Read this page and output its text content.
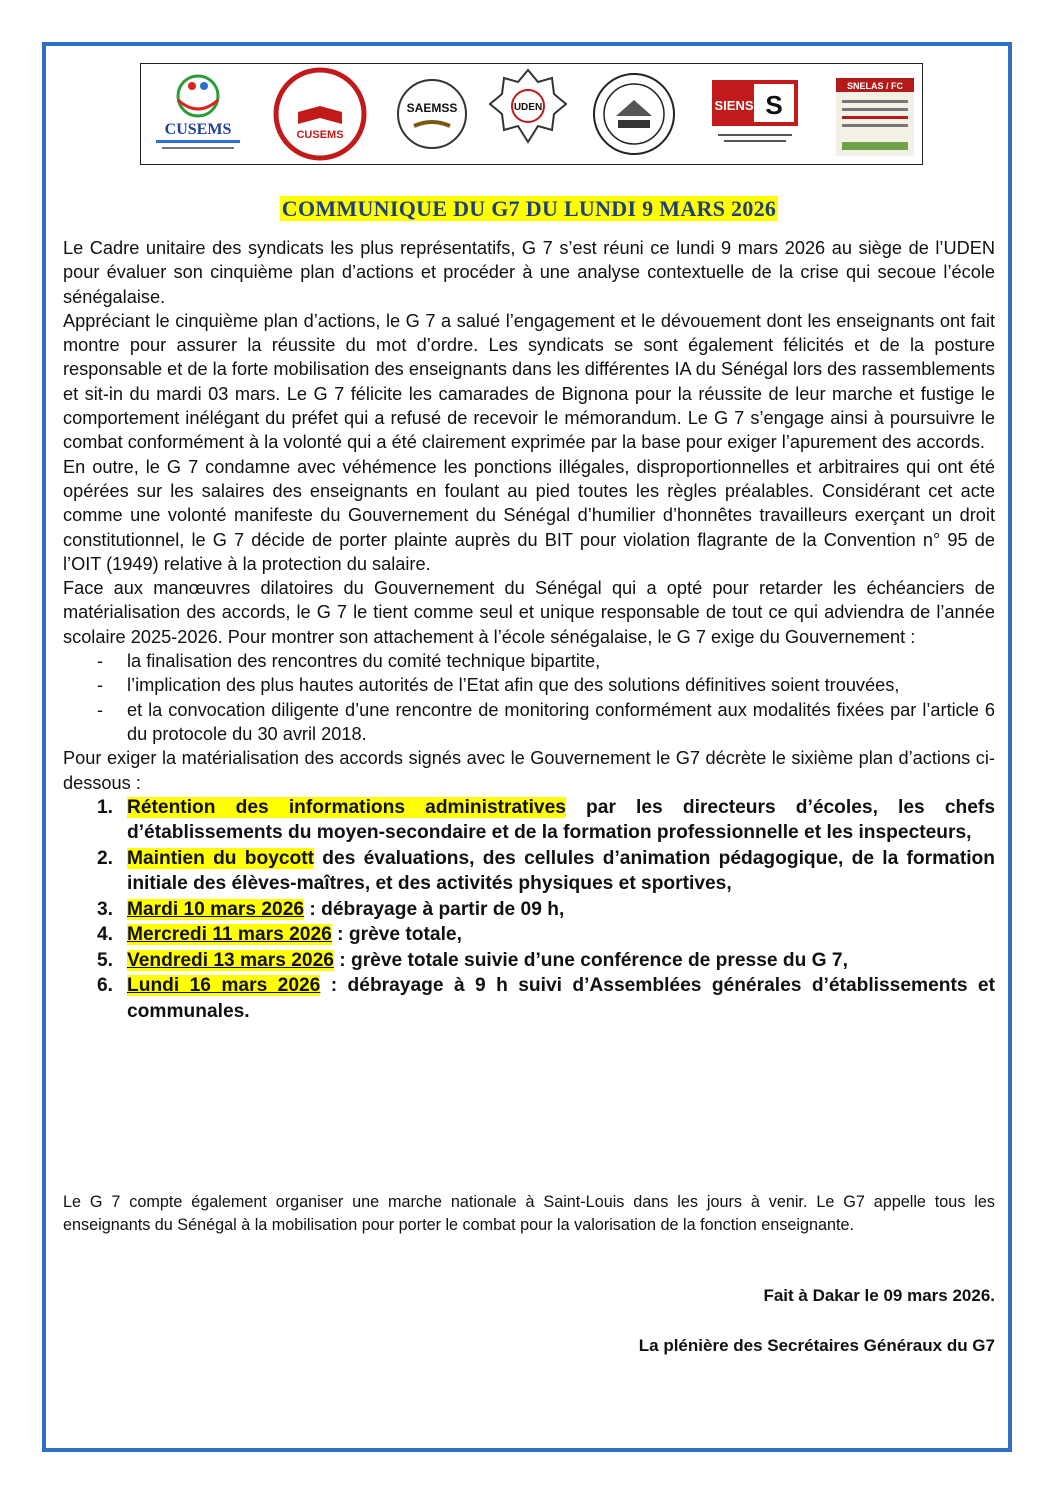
CUSEMS	CUSEMS
SAEMSS	UDEN	S
SIENS
SNELAS / FC
COMMUNIQUE DU G7 DU LUNDI 9 MARS 2026

Le Cadre unitaire des syndicats les plus représentatifs, G 7 s’est réuni ce lundi 9 mars 2026 au siège de l’UDEN pour évaluer son cinquième plan d’actions et procéder à une analyse contextuelle de la crise qui secoue l’école sénégalaise.

Appréciant le cinquième plan d’actions, le G 7 a salué l’engagement et le dévouement dont les enseignants ont fait montre pour assurer la réussite du mot d’ordre. Les syndicats se sont également félicités et de la posture responsable et de la forte mobilisation des enseignants dans les différentes IA du Sénégal lors des rassemblements et sit-in du mardi 03 mars. Le G 7 félicite les camarades de Bignona pour la réussite de leur marche et fustige le comportement inélégant du préfet qui a refusé de recevoir le mémorandum. Le G 7 s’engage ainsi à poursuivre le combat conformément à la volonté qui a été clairement exprimée par la base pour exiger l’apurement des accords.

En outre, le G 7 condamne avec véhémence les ponctions illégales, disproportionnelles et arbitraires qui ont été opérées sur les salaires des enseignants en foulant au pied toutes les règles préalables. Considérant cet acte comme une volonté manifeste du Gouvernement du Sénégal d’humilier d’honnêtes travailleurs exerçant un droit constitutionnel, le G 7 décide de porter plainte auprès du BIT pour violation flagrante de la Convention n° 95 de l’OIT (1949) relative à la protection du salaire.

Face aux manœuvres dilatoires du Gouvernement du Sénégal qui a opté pour retarder les échéanciers de matérialisation des accords, le G 7 le tient comme seul et unique responsable de tout ce qui adviendra de l’année scolaire 2025-2026. Pour montrer son attachement à l’école sénégalaise, le G 7 exige du Gouvernement :

- la finalisation des rencontres du comité technique bipartite,
- l’implication des plus hautes autorités de l’Etat afin que des solutions définitives soient trouvées,
- et la convocation diligente d’une rencontre de monitoring conformément aux modalités fixées par l’article 6 du protocole du 30 avril 2018.

Pour exiger la matérialisation des accords signés avec le Gouvernement le G7 décrète le sixième plan d’actions ci-dessous :

1. Rétention des informations administratives par les directeurs d’écoles, les chefs d’établissements du moyen-secondaire et de la formation professionnelle et les inspecteurs,
2. Maintien du boycott des évaluations, des cellules d’animation pédagogique, de la formation initiale des élèves-maîtres, et des activités physiques et sportives,
3. Mardi 10 mars 2026 : débrayage à partir de 09 h,
4. Mercredi 11 mars 2026 : grève totale,
5. Vendredi 13 mars 2026 : grève totale suivie d’une conférence de presse du G 7,
6. Lundi 16 mars 2026 : débrayage à 9 h suivi d’Assemblées générales d’établissements et communales.
Le G 7 compte également organiser une marche nationale à Saint-Louis dans les jours à venir. Le G7 appelle tous les enseignants du Sénégal à la mobilisation pour porter le combat pour la valorisation de la fonction enseignante.
Fait à Dakar le 09 mars 2026.
La plénière des Secrétaires Généraux du G7
